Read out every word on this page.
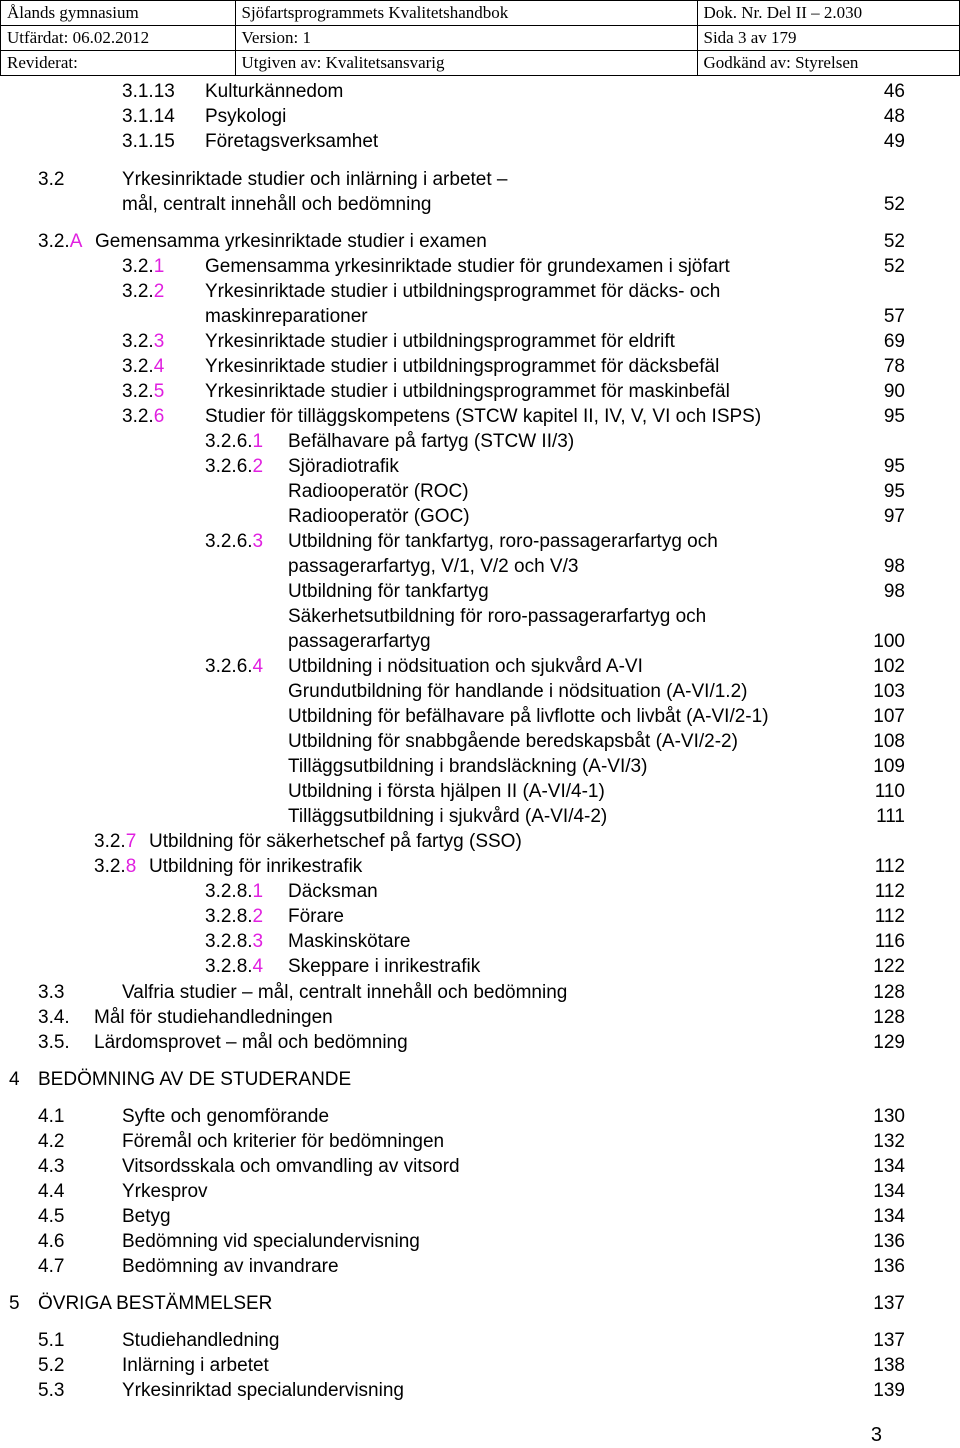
Ålands gymnasium	Sjöfartsprogrammets Kvalitetshandbok	Dok. Nr. Del II – 2.030
Utfärdat: 06.02.2012	Version: 1	Sida 3 av 179
Reviderat:	Utgiven av: Kvalitetsansvarig	Godkänd av: Styrelsen
3.1.13 Kulturkännedom	46
3.1.14 Psykologi	48
3.1.15 Företagsverksamhet	49
3.2	Yrkesinriktade studier och inlärning i arbetet –
mål, centralt innehåll och bedömning	52
3.2.A Gemensamma yrkesinriktade studier i examen	52
3.2.1 Gemensamma yrkesinriktade studier för grundexamen i sjöfart	52
3.2.2 Yrkesinriktade studier i utbildningsprogrammet för däcks- och
maskinreparationer	57
3.2.3 Yrkesinriktade studier i utbildningsprogrammet för eldrift	69
3.2.4 Yrkesinriktade studier i utbildningsprogrammet för däcksbefäl	78
3.2.5 Yrkesinriktade studier i utbildningsprogrammet för maskinbefäl	90
3.2.6 Studier för tilläggskompetens (STCW kapitel II, IV, V, VI och ISPS)	95
3.2.6.1 Befälhavare på fartyg (STCW II/3)
3.2.6.2 Sjöradiotrafik	95
Radiooperatör (ROC)	95
Radiooperatör (GOC)	97
3.2.6.3 Utbildning för tankfartyg, roro-passagerarfartyg och
passagerarfartyg, V/1, V/2 och V/3	98
Utbildning för tankfartyg	98
Säkerhetsutbildning för roro-passagerarfartyg och
passagerarfartyg	100
3.2.6.4 Utbildning i nödsituation och sjukvård A-VI	102
Grundutbildning för handlande i nödsituation (A-VI/1.2)	103
Utbildning för befälhavare på livflotte och livbåt (A-VI/2-1)	107
Utbildning för snabbgående beredskapsbåt (A-VI/2-2)	108
Tilläggsutbildning i brandsläckning (A-VI/3)	109
Utbildning i första hjälpen II (A-VI/4-1)	110
Tilläggsutbildning i sjukvård (A-VI/4-2)	111
3.2.7 Utbildning för säkerhetschef på fartyg (SSO)
3.2.8 Utbildning för inrikestrafik	112
3.2.8.1 Däcksman	112
3.2.8.2 Förare	112
3.2.8.3 Maskinskötare	116
3.2.8.4 Skeppare i inrikestrafik	122
3.3	Valfria studier – mål, centralt innehåll och bedömning	128
3.4. Mål för studiehandledningen	128
3.5. Lärdomsprovet – mål och bedömning	129
4 BEDÖMNING AV DE STUDERANDE
4.1	Syfte och genomförande	130
4.2	Föremål och kriterier för bedömningen	132
4.3	Vitsordsskala och omvandling av vitsord	134
4.4	Yrkesprov	134
4.5	Betyg	134
4.6	Bedömning vid specialundervisning	136
4.7	Bedömning av invandrare	136
5 ÖVRIGA BESTÄMMELSER	137
5.1	Studiehandledning	137
5.2	Inlärning i arbetet	138
5.3	Yrkesinriktad specialundervisning	139
3
